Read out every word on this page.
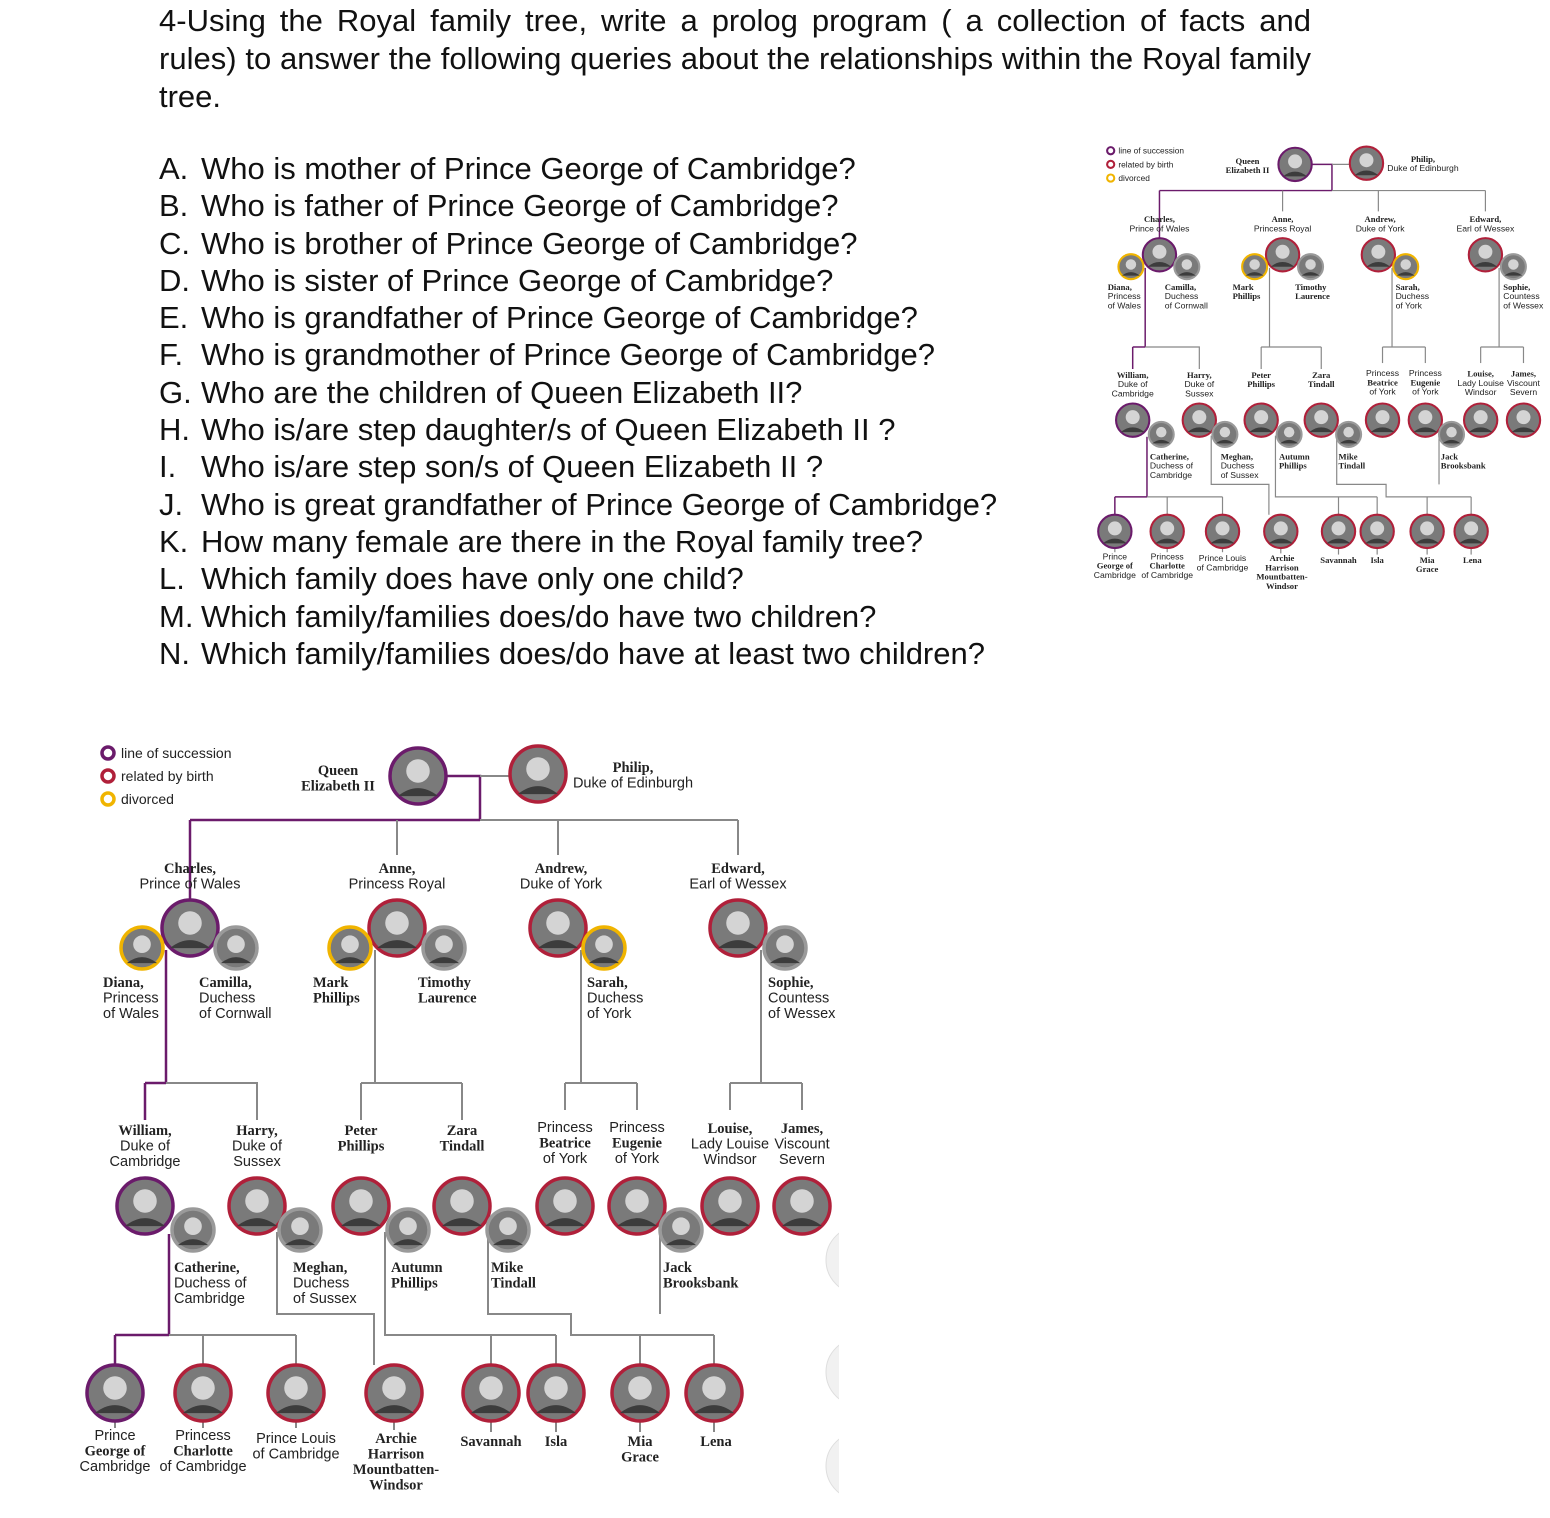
4-Using the Royal family tree, write a prolog program ( a collection of facts and rules) to answer the following queries about the relationships within the Royal family tree.
A. Who is mother of Prince George of Cambridge?
B. Who is father of Prince George of Cambridge?
C. Who is brother of Prince George of Cambridge?
D. Who is sister of Prince George of Cambridge?
E. Who is grandfather of Prince George of Cambridge?
F. Who is grandmother of Prince George of Cambridge?
G. Who are the children of Queen Elizabeth II?
H. Who is/are step daughter/s of Queen Elizabeth II ?
I. Who is/are step son/s of Queen Elizabeth II ?
J. Who is great grandfather of Prince George of Cambridge?
K. How many female are there in the Royal family tree?
L. Which family does have only one child?
M. Which family/families does/do have two children?
N. Which family/families does/do have at least two children?
line of succession
related by birth
divorced
Queen Elizabeth II
Philip, Duke of Edinburgh
Charles, Prince of Wales
Anne, Princess Royal
Andrew, Duke of York
Edward, Earl of Wessex
Diana, Princess of Wales
Camilla, Duchess of Cornwall
Mark Phillips
Timothy Laurence
Sarah, Duchess of York
Sophie, Countess of Wessex
William, Duke of Cambridge
Harry, Duke of Sussex
Peter Phillips
Zara Tindall
Princess Beatrice of York
Princess Eugenie of York
Louise, Lady Louise Windsor
James, Viscount Severn
Catherine, Duchess of Cambridge
Meghan, Duchess of Sussex
Autumn Phillips
Mike Tindall
Jack Brooksbank
Prince George of Cambridge
Princess Charlotte of Cambridge
Prince Louis of Cambridge
Archie Harrison Mountbatten-Windsor
Savannah Isla	Mia Grace
Lena
line of succession
related by birth
divorced
Queen Elizabeth II
Philip, Duke of Edinburgh
Charles, Prince of Wales
Anne, Princess Royal
Andrew, Duke of York
Edward, Earl of Wessex
Diana, Princess of Wales
Camilla, Duchess of Cornwall
Mark Phillips
Timothy Laurence
Sarah, Duchess of York
Sophie, Countess of Wessex
William, Duke of Cambridge
Harry, Duke of Sussex
Peter Phillips
Zara Tindall
Princess Beatrice of York
Princess Eugenie of York
Louise, Lady Louise Windsor
James, Viscount Severn
Catherine, Duchess of Cambridge
Meghan, Duchess of Sussex
Autumn Phillips
Mike Tindall
Jack Brooksbank
Prince George of Cambridge
Princess Charlotte of Cambridge
Prince Louis of Cambridge
Archie Harrison Mountbatten-Windsor
Savannah Isla Mia Grace
Lena
